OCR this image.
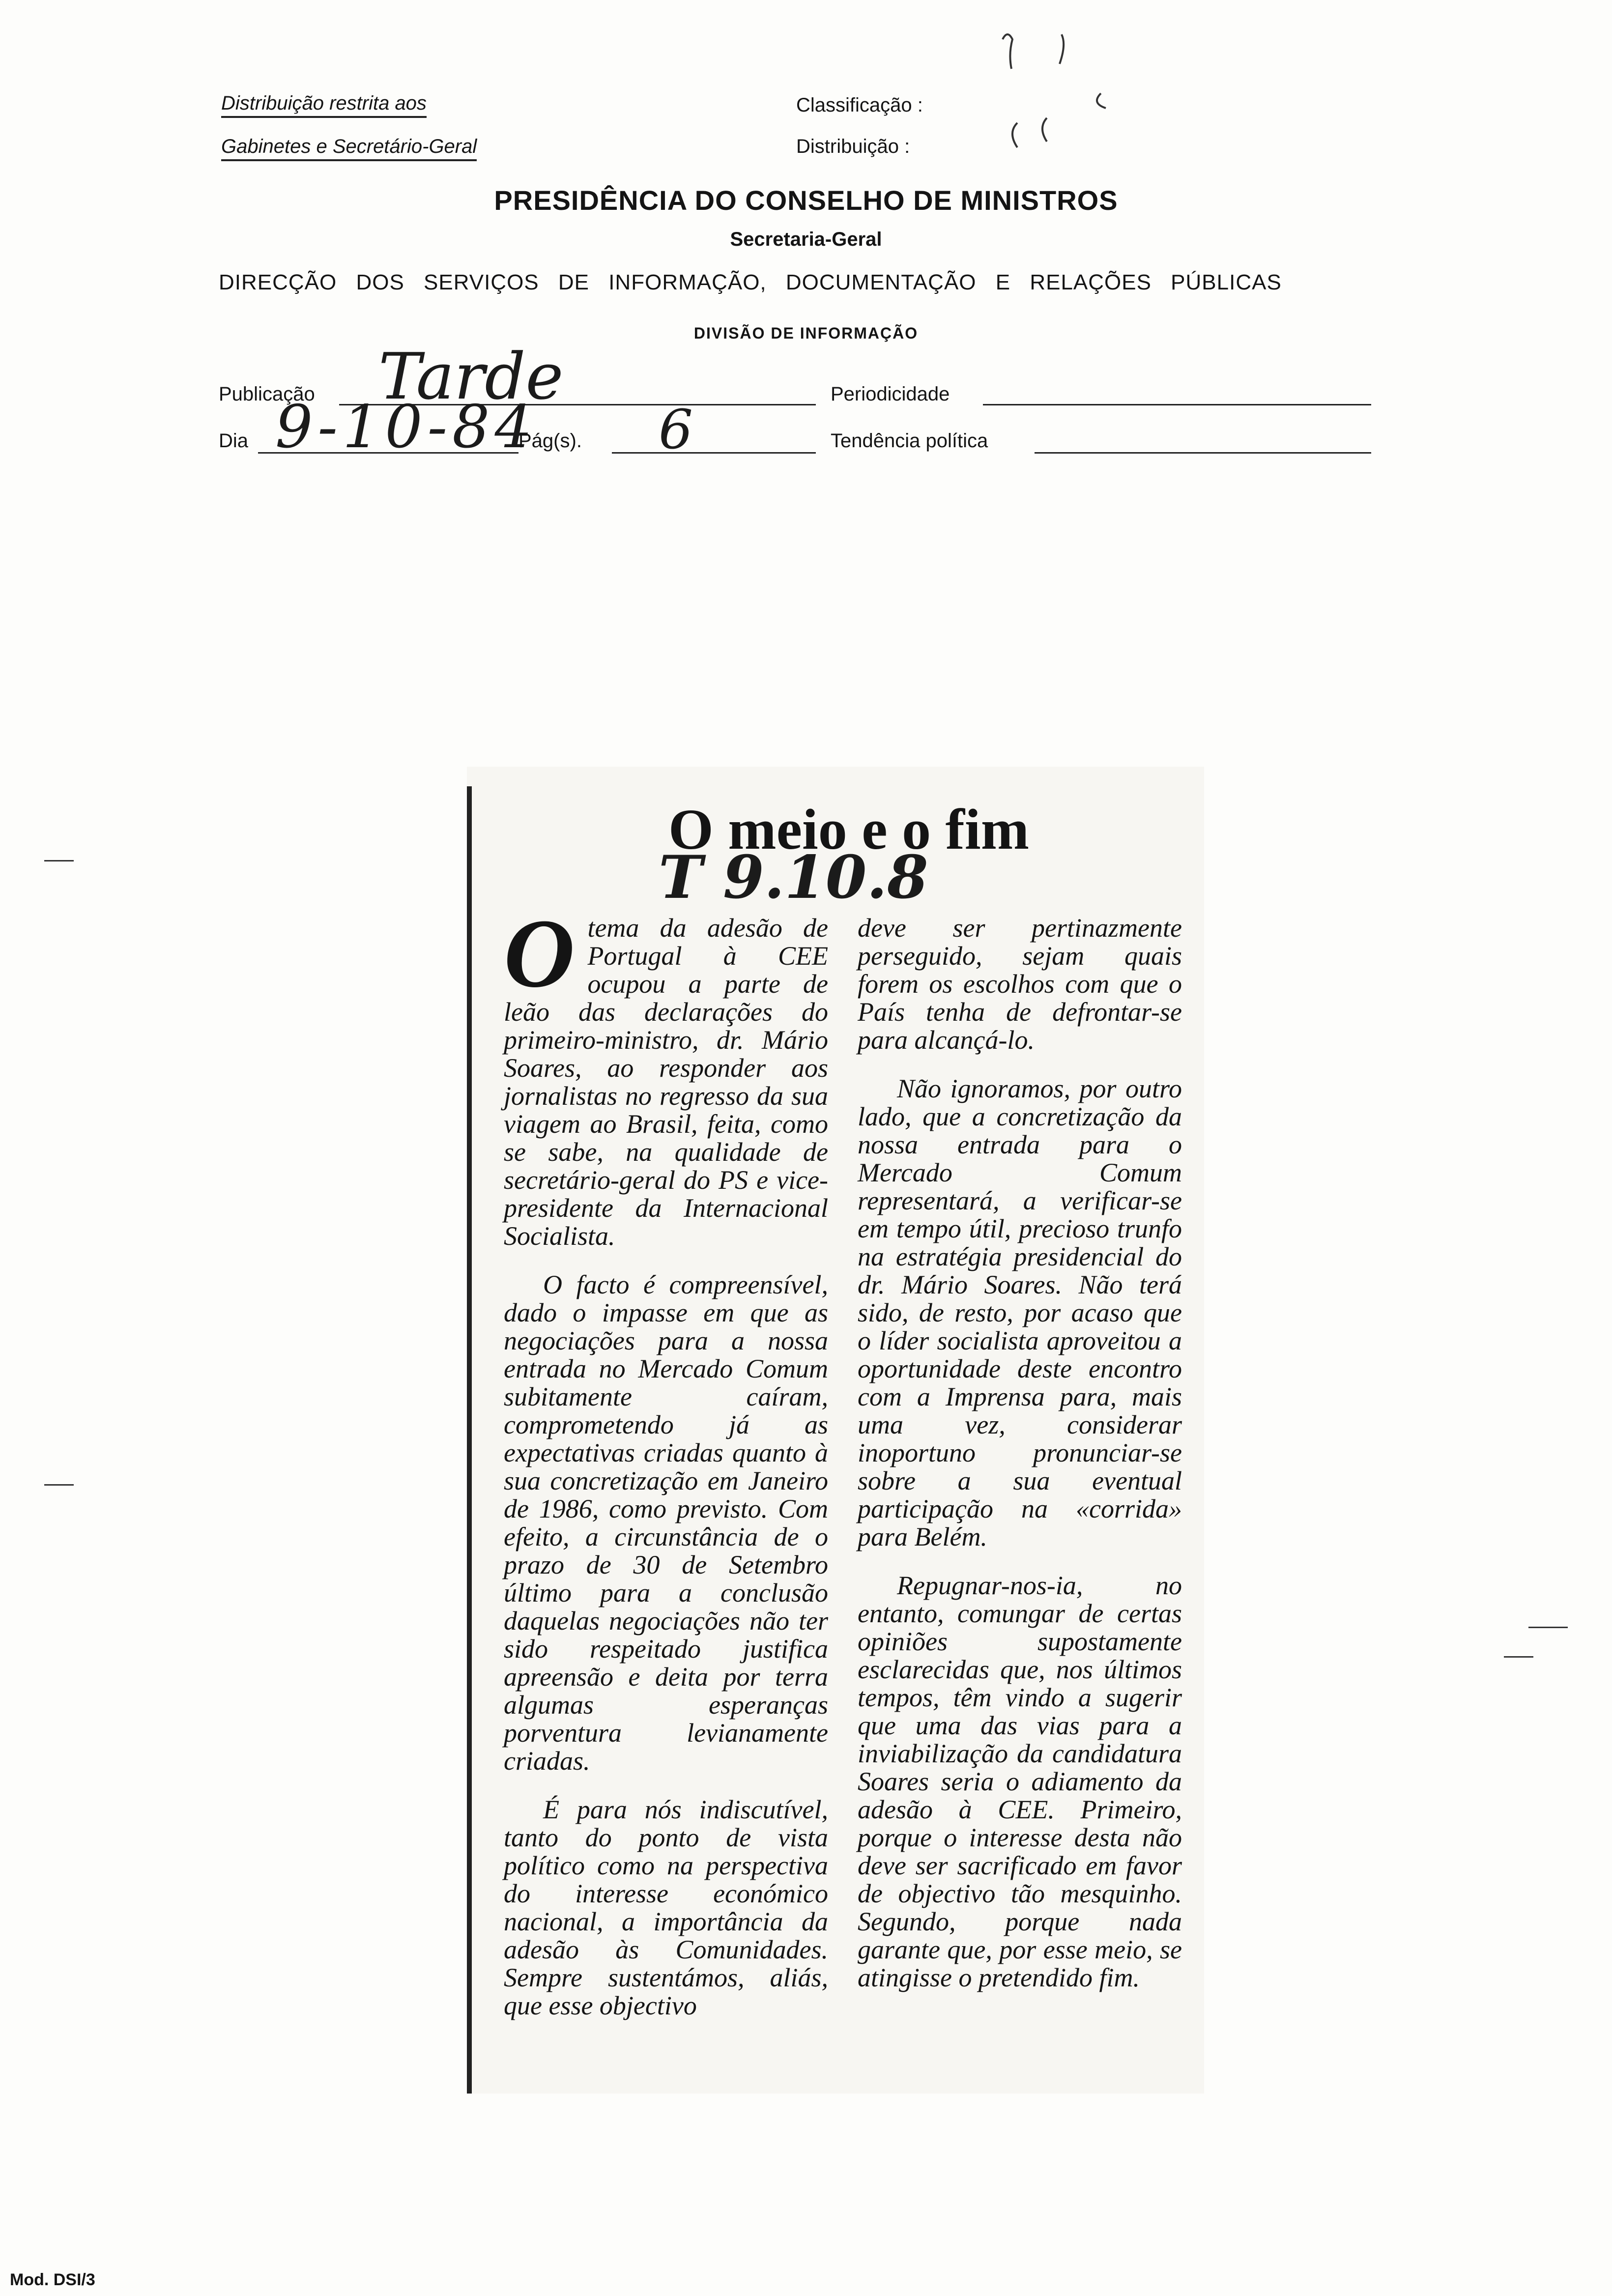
Distribuição restrita aos
Gabinetes e Secretário-Geral
Classificação :
Distribuição :
PRESIDÊNCIA DO CONSELHO DE MINISTROS
Secretaria-Geral
DIRECÇÃO DOS SERVIÇOS DE INFORMAÇÃO, DOCUMENTAÇÃO E RELAÇÕES PÚBLICAS
DIVISÃO DE INFORMAÇÃO
Publicação Tarde	Periodicidade
Dia 9-10-84
Pág(s). 6	Tendência política
O meio e o fim
T 9.10.8
O tema da adesão de Portugal à CEE ocupou a parte de leão das declarações do primeiro-ministro, dr. Mário Soares, ao responder aos jornalistas no regresso da sua viagem ao Brasil, feita, como se sabe, na qualidade de secretário-geral do PS e vice-presidente da Internacional Socialista.

O facto é compreensível, dado o impasse em que as negociações para a nossa entrada no Mercado Comum subitamente caíram, comprometendo já as expectativas criadas quanto à sua concretização em Janeiro de 1986, como previsto. Com efeito, a circunstância de o prazo de 30 de Setembro último para a conclusão daquelas negociações não ter sido respeitado justifica apreensão e deita por terra algumas esperanças porventura levianamente criadas.

É para nós indiscutível, tanto do ponto de vista político como na perspectiva do interesse económico nacional, a importância da adesão às Comunidades. Sempre sustentámos, aliás, que esse objectivo

deve ser pertinazmente perseguido, sejam quais forem os escolhos com que o País tenha de defrontar-se para alcançá-lo.

Não ignoramos, por outro lado, que a concretização da nossa entrada para o Mercado Comum representará, a verificar-se em tempo útil, precioso trunfo na estratégia presidencial do dr. Mário Soares. Não terá sido, de resto, por acaso que o líder socialista aproveitou a oportunidade deste encontro com a Imprensa para, mais uma vez, considerar inoportuno pronunciar-se sobre a sua eventual participação na «corrida» para Belém.

Repugnar-nos-ia, no entanto, comungar de certas opiniões supostamente esclarecidas que, nos últimos tempos, têm vindo a sugerir que uma das vias para a inviabilização da candidatura Soares seria o adiamento da adesão à CEE. Primeiro, porque o interesse desta não deve ser sacrificado em favor de objectivo tão mesquinho. Segundo, porque nada garante que, por esse meio, se atingisse o pretendido fim.

Mod. DSI/3
